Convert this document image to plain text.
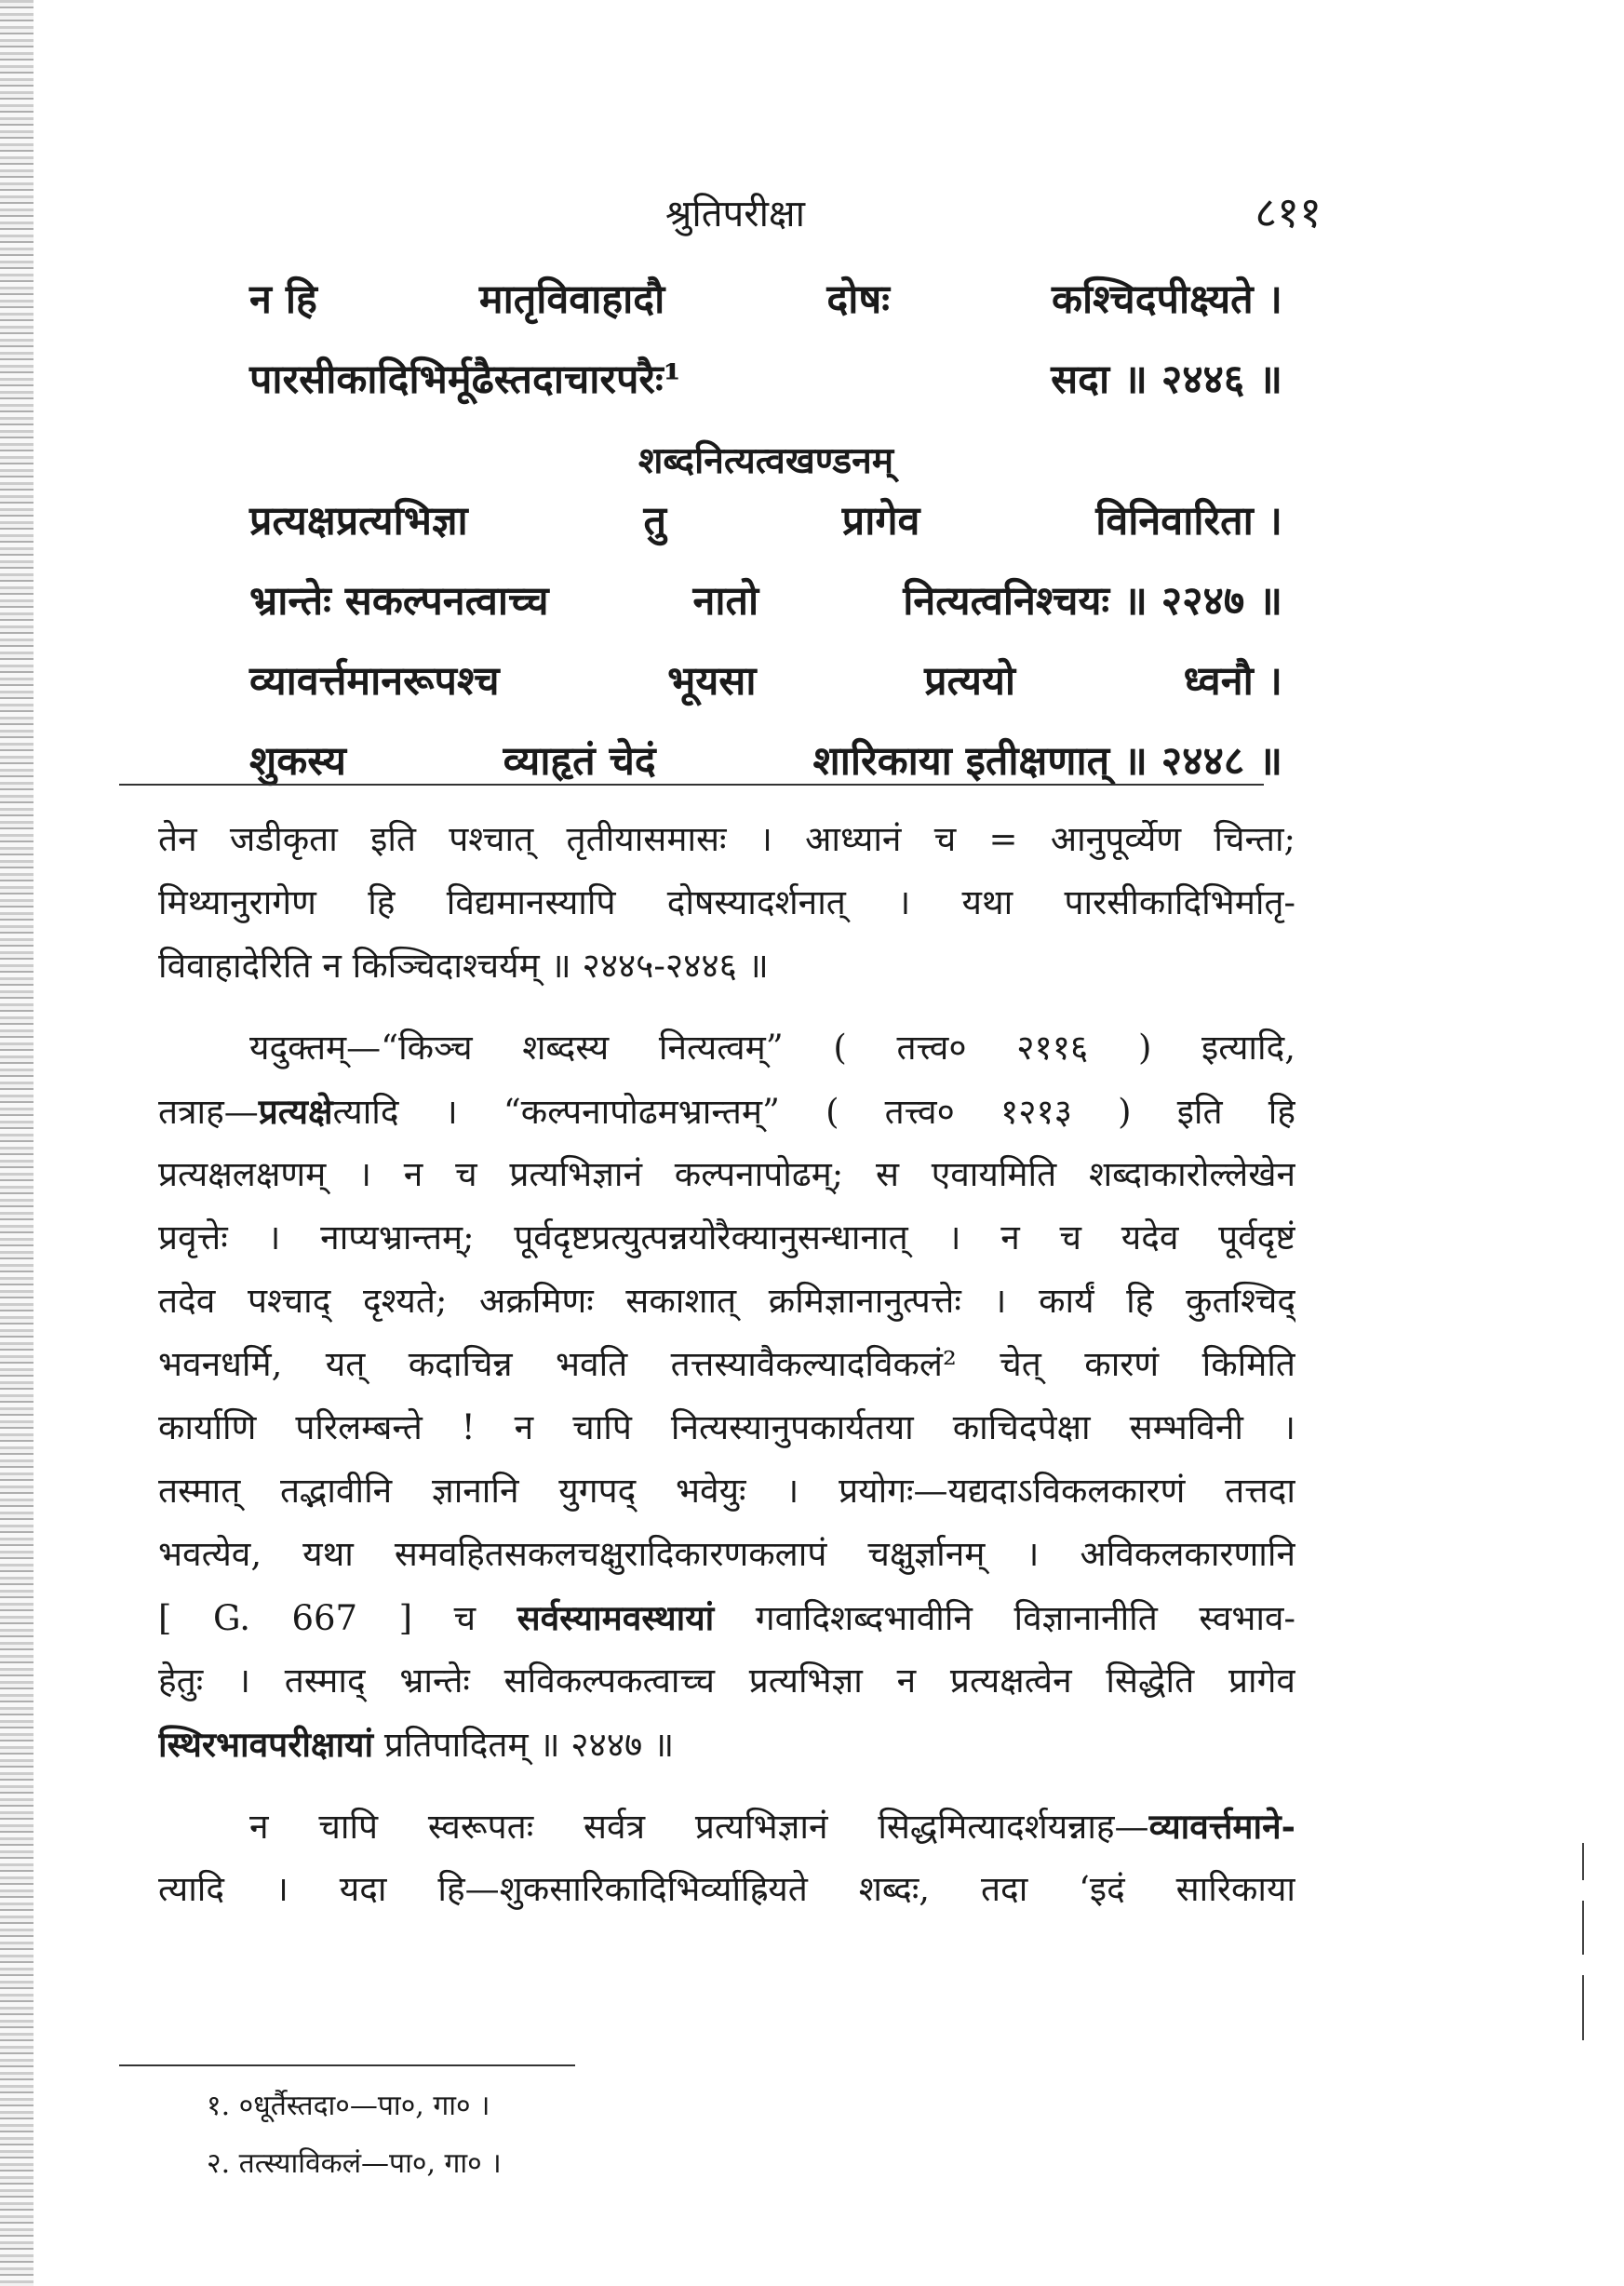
श्रुतिपरीक्षा	८११
न हि	मातृविवाहादौ	दोषः	कश्चिदपीक्ष्यते ।
पारसीकादिभिर्मूढैस्तदाचारपरैः¹	सदा ॥ २४४६ ॥
शब्दनित्यत्वखण्डनम्
प्रत्यक्षप्रत्यभिज्ञा	तु	प्रागेव	विनिवारिता ।
भ्रान्तेः सकल्पनत्वाच्च	नातो	नित्यत्वनिश्चयः ॥ २२४७ ॥
व्यावर्त्तमानरूपश्च	भूयसा	प्रत्ययो	ध्वनौ ।
शुकस्य	व्याहृतं चेदं	शारिकाया इतीक्षणात् ॥ २४४८ ॥
तेन जडीकृता इति पश्चात् तृतीयासमासः । आध्यानं च = आनुपूर्व्येण चिन्ता;
मिथ्यानुरागेण हि विद्यमानस्यापि दोषस्यादर्शनात् । यथा पारसीकादिभिर्मातृ-
विवाहादेरिति न किञ्चिदाश्चर्यम् ॥ २४४५-२४४६ ॥
यदुक्तम्—“किञ्च शब्दस्य नित्यत्वम्” ( तत्त्व० २११६ ) इत्यादि,
तत्राह—प्रत्यक्षेत्यादि । “कल्पनापोढमभ्रान्तम्” ( तत्त्व० १२१३ ) इति हि
प्रत्यक्षलक्षणम् । न च प्रत्यभिज्ञानं कल्पनापोढम्; स एवायमिति शब्दाकारोल्लेखेन
प्रवृत्तेः । नाप्यभ्रान्तम्; पूर्वदृष्टप्रत्युत्पन्नयोरैक्यानुसन्धानात् । न च यदेव पूर्वदृष्टं
तदेव पश्चाद् दृश्यते; अक्रमिणः सकाशात् क्रमिज्ञानानुत्पत्तेः । कार्यं हि कुतश्चिद्
भवनधर्मि, यत् कदाचिन्न भवति तत्तस्यावैकल्यादविकलं² चेत् कारणं किमिति
कार्याणि परिलम्बन्ते ! न चापि नित्यस्यानुपकार्यतया काचिदपेक्षा सम्भविनी ।
तस्मात् तद्भावीनि ज्ञानानि युगपद् भवेयुः । प्रयोगः—यद्यदाऽविकलकारणं तत्तदा
भवत्येव, यथा समवहितसकलचक्षुरादिकारणकलापं चक्षुर्ज्ञानम् । अविकलकारणानि
[ G. 667 ] च सर्वस्यामवस्थायां गवादिशब्दभावीनि विज्ञानानीति स्वभाव-
हेतुः । तस्माद् भ्रान्तेः सविकल्पकत्वाच्च प्रत्यभिज्ञा न प्रत्यक्षत्वेन सिद्धेति प्रागेव
स्थिरभावपरीक्षायां प्रतिपादितम् ॥ २४४७ ॥
न चापि स्वरूपतः सर्वत्र प्रत्यभिज्ञानं सिद्धमित्यादर्शयन्नाह—व्यावर्त्तमाने-
त्यादि । यदा हि—शुकसारिकादिभिर्व्याह्रियते शब्दः, तदा ‘इदं सारिकाया
१. ०धूर्तैस्तदा०—पा०, गा० ।
२. तत्स्याविकलं—पा०, गा० ।
